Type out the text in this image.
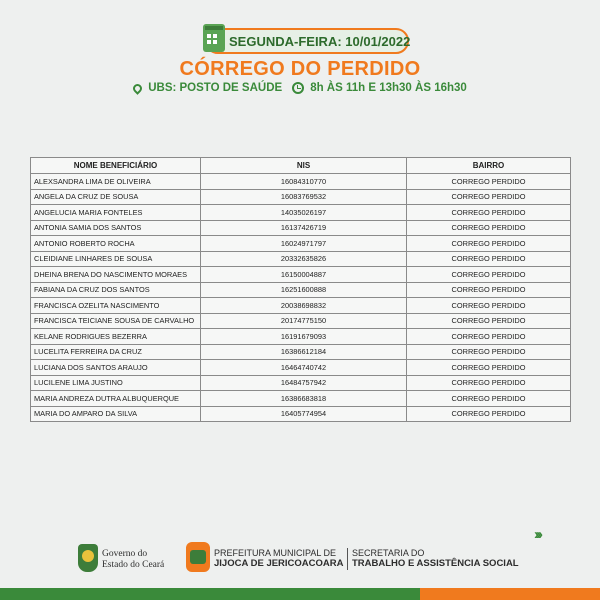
SEGUNDA-FEIRA: 10/01/2022
CÓRREGO DO PERDIDO
UBS: POSTO DE SAÚDE 8h ÀS 11h E 13h30 ÀS 16h30
NOME BENEFICIÁRIO	NIS	BAIRRO
ALEXSANDRA LIMA DE OLIVEIRA	16084310770	CORREGO PERDIDO
ANGELA DA CRUZ DE SOUSA	16083769532	CORREGO PERDIDO
ANGELUCIA MARIA FONTELES	14035026197	CORREGO PERDIDO
ANTONIA SAMIA DOS SANTOS	16137426719	CORREGO PERDIDO
ANTONIO ROBERTO ROCHA	16024971797	CORREGO PERDIDO
CLEIDIANE LINHARES DE SOUSA	20332635826	CORREGO PERDIDO
DHEINA BRENA DO NASCIMENTO MORAES	16150004887	CORREGO PERDIDO
FABIANA DA CRUZ DOS SANTOS	16251600888	CORREGO PERDIDO
FRANCISCA OZELITA NASCIMENTO	20038698832	CORREGO PERDIDO
FRANCISCA TEICIANE SOUSA DE CARVALHO	20174775150	CORREGO PERDIDO
KELANE RODRIGUES BEZERRA	16191679093	CORREGO PERDIDO
LUCELITA FERREIRA DA CRUZ	16386612184	CORREGO PERDIDO
LUCIANA DOS SANTOS ARAUJO	16464740742	CORREGO PERDIDO
LUCILENE LIMA JUSTINO	16484757942	CORREGO PERDIDO
MARIA ANDREZA DUTRA ALBUQUERQUE	16386683818	CORREGO PERDIDO
MARIA DO AMPARO DA SILVA	16405774954	CORREGO PERDIDO
›››
Governo do
Estado do Ceará
PREFEITURA MUNICIPAL DE
JIJOCA DE JERICOACOARA
SECRETARIA DO
TRABALHO E ASSISTÊNCIA SOCIAL
